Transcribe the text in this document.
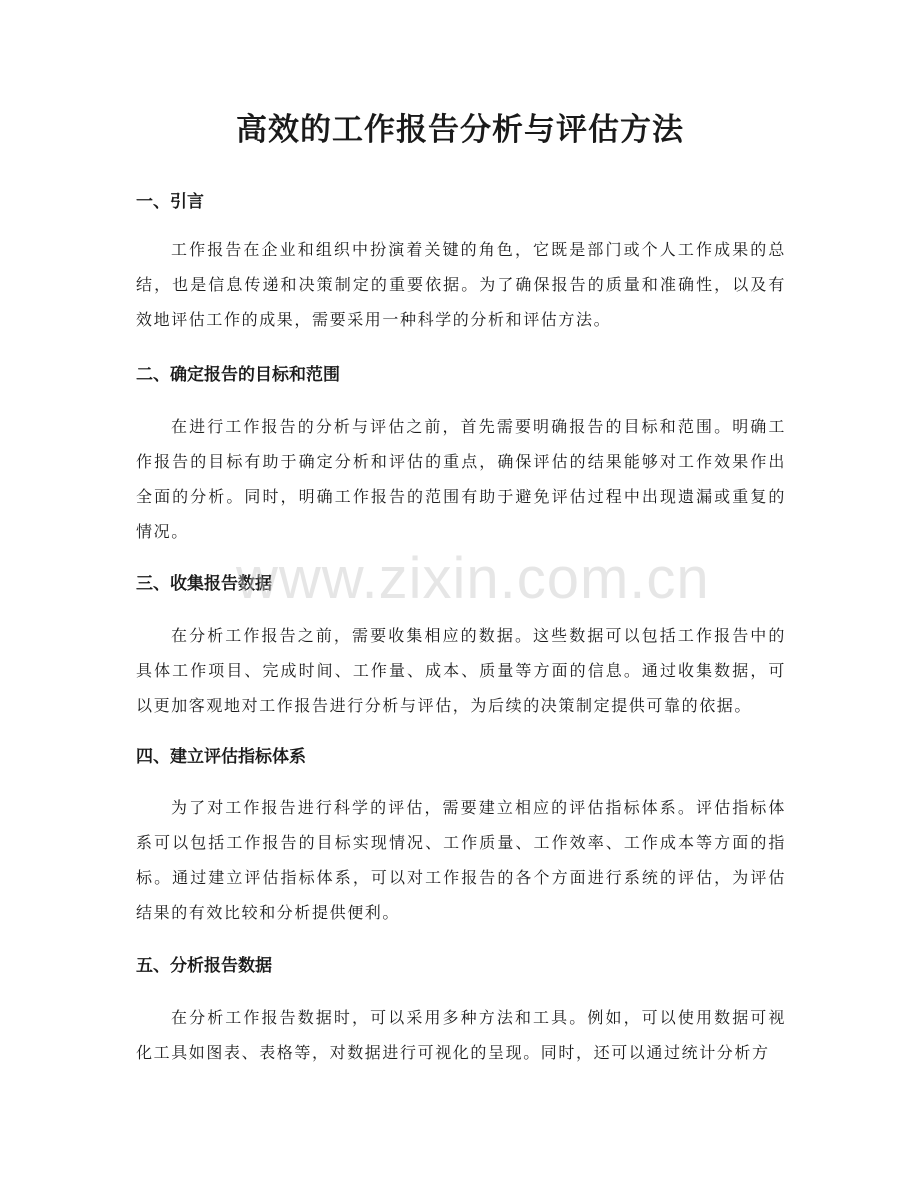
高效的工作报告分析与评估方法
一、引言

工作报告在企业和组织中扮演着关键的角色，它既是部门或个人工作成果的总结，也是信息传递和决策制定的重要依据。为了确保报告的质量和准确性，以及有效地评估工作的成果，需要采用一种科学的分析和评估方法。

二、确定报告的目标和范围

在进行工作报告的分析与评估之前，首先需要明确报告的目标和范围。明确工作报告的目标有助于确定分析和评估的重点，确保评估的结果能够对工作效果作出全面的分析。同时，明确工作报告的范围有助于避免评估过程中出现遗漏或重复的情况。

三、收集报告数据

在分析工作报告之前，需要收集相应的数据。这些数据可以包括工作报告中的具体工作项目、完成时间、工作量、成本、质量等方面的信息。通过收集数据，可以更加客观地对工作报告进行分析与评估，为后续的决策制定提供可靠的依据。

四、建立评估指标体系

为了对工作报告进行科学的评估，需要建立相应的评估指标体系。评估指标体系可以包括工作报告的目标实现情况、工作质量、工作效率、工作成本等方面的指标。通过建立评估指标体系，可以对工作报告的各个方面进行系统的评估，为评估结果的有效比较和分析提供便利。

五、分析报告数据

在分析工作报告数据时，可以采用多种方法和工具。例如，可以使用数据可视化工具如图表、表格等，对数据进行可视化的呈现。同时，还可以通过统计分析方

www.zixin.com.cn
